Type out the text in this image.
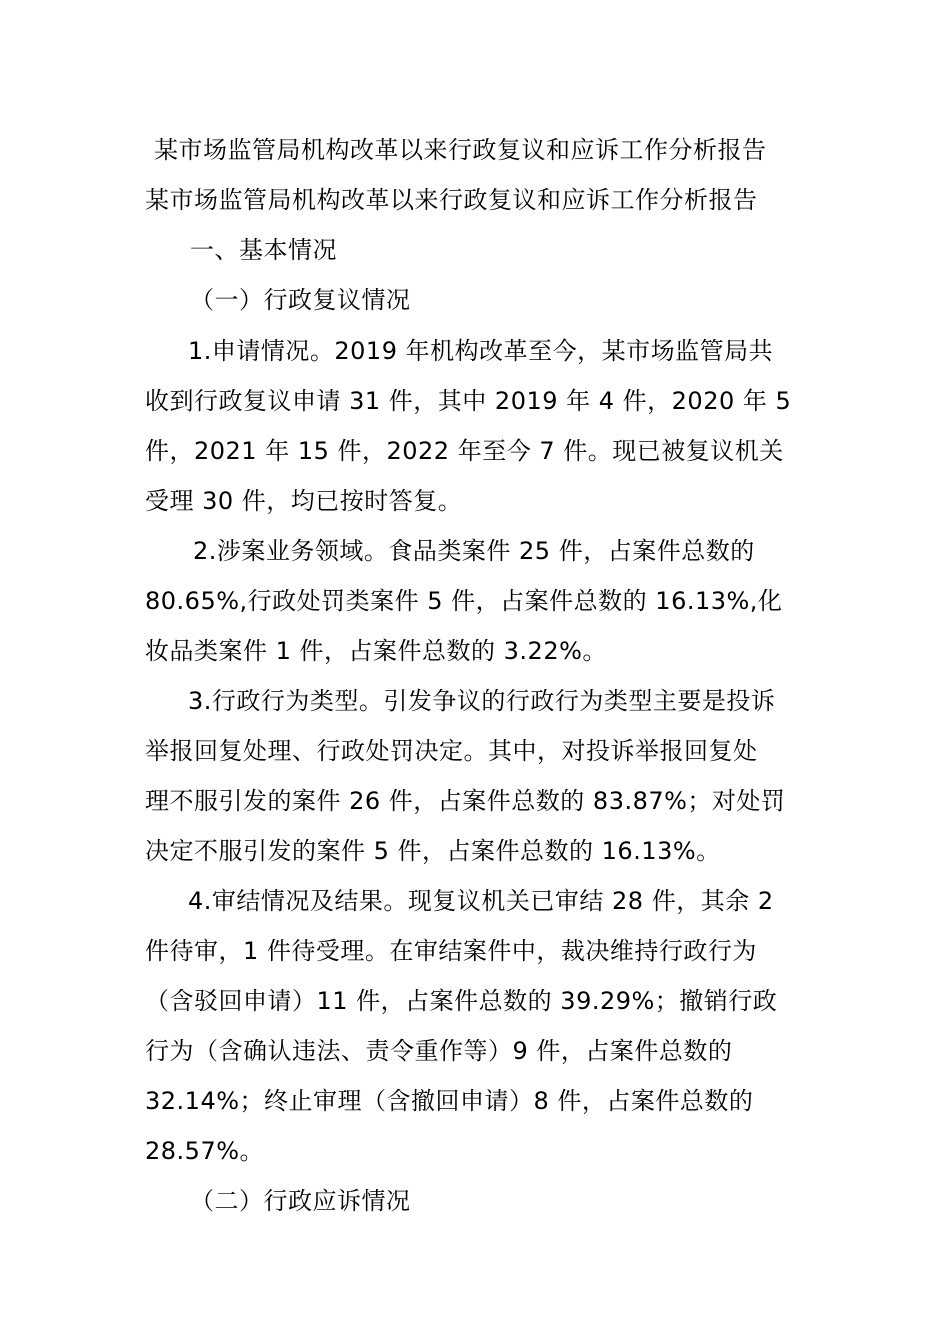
某市场监管局机构改革以来行政复议和应诉工作分析报告
某市场监管局机构改革以来行政复议和应诉工作分析报告
一、基本情况
（一）行政复议情况
1.申请情况。2019 年机构改革至今，某市场监管局共
收到行政复议申请 31 件，其中 2019 年 4 件，2020 年 5
件，2021 年 15 件，2022 年至今 7 件。现已被复议机关
受理 30 件，均已按时答复。
2.涉案业务领域。食品类案件 25 件，占案件总数的
80.65%,行政处罚类案件 5 件，占案件总数的 16.13%,化
妆品类案件 1 件，占案件总数的 3.22%。
3.行政行为类型。引发争议的行政行为类型主要是投诉
举报回复处理、行政处罚决定。其中，对投诉举报回复处
理不服引发的案件 26 件，占案件总数的 83.87%；对处罚
决定不服引发的案件 5 件，占案件总数的 16.13%。
4.审结情况及结果。现复议机关已审结 28 件，其余 2
件待审，1 件待受理。在审结案件中，裁决维持行政行为
（含驳回申请）11 件，占案件总数的 39.29%；撤销行政
行为（含确认违法、责令重作等）9 件，占案件总数的
32.14%；终止审理（含撤回申请）8 件，占案件总数的
28.57%。
（二）行政应诉情况
